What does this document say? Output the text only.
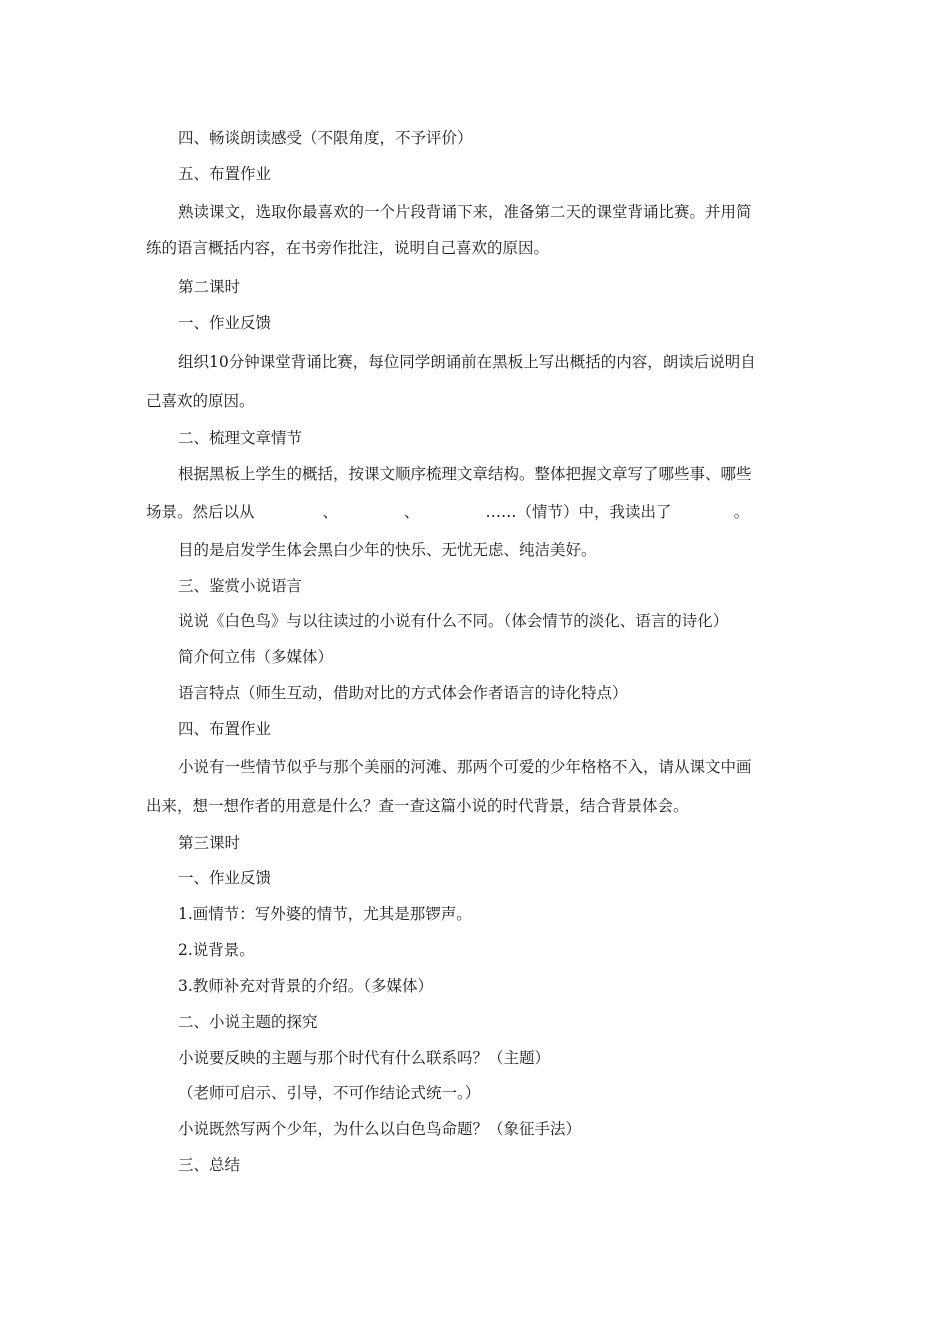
四、畅谈朗读感受（不限角度，不予评价）

五、布置作业

熟读课文，选取你最喜欢的一个片段背诵下来，准备第二天的课堂背诵比赛。并用简

练的语言概括内容，在书旁作批注，说明自己喜欢的原因。

第二课时

一、作业反馈

组织10分钟课堂背诵比赛，每位同学朗诵前在黑板上写出概括的内容，朗读后说明自

己喜欢的原因。

二、梳理文章情节

根据黑板上学生的概括，按课文顺序梳理文章结构。整体把握文章写了哪些事、哪些

场景。然后以从	、	、	……（情节）中，我读出了	。

目的是启发学生体会黑白少年的快乐、无忧无虑、纯洁美好。

三、鉴赏小说语言

说说《白色鸟》与以往读过的小说有什么不同。（体会情节的淡化、语言的诗化）

简介何立伟（多媒体）

语言特点（师生互动，借助对比的方式体会作者语言的诗化特点）

四、布置作业

小说有一些情节似乎与那个美丽的河滩、那两个可爱的少年格格不入，请从课文中画

出来，想一想作者的用意是什么？查一查这篇小说的时代背景，结合背景体会。

第三课时

一、作业反馈

1.画情节：写外婆的情节，尤其是那锣声。

2.说背景。

3.教师补充对背景的介绍。（多媒体）

二、小说主题的探究

小说要反映的主题与那个时代有什么联系吗？（主题）

（老师可启示、引导，不可作结论式统一。）

小说既然写两个少年，为什么以白色鸟命题？（象征手法）

三、总结
